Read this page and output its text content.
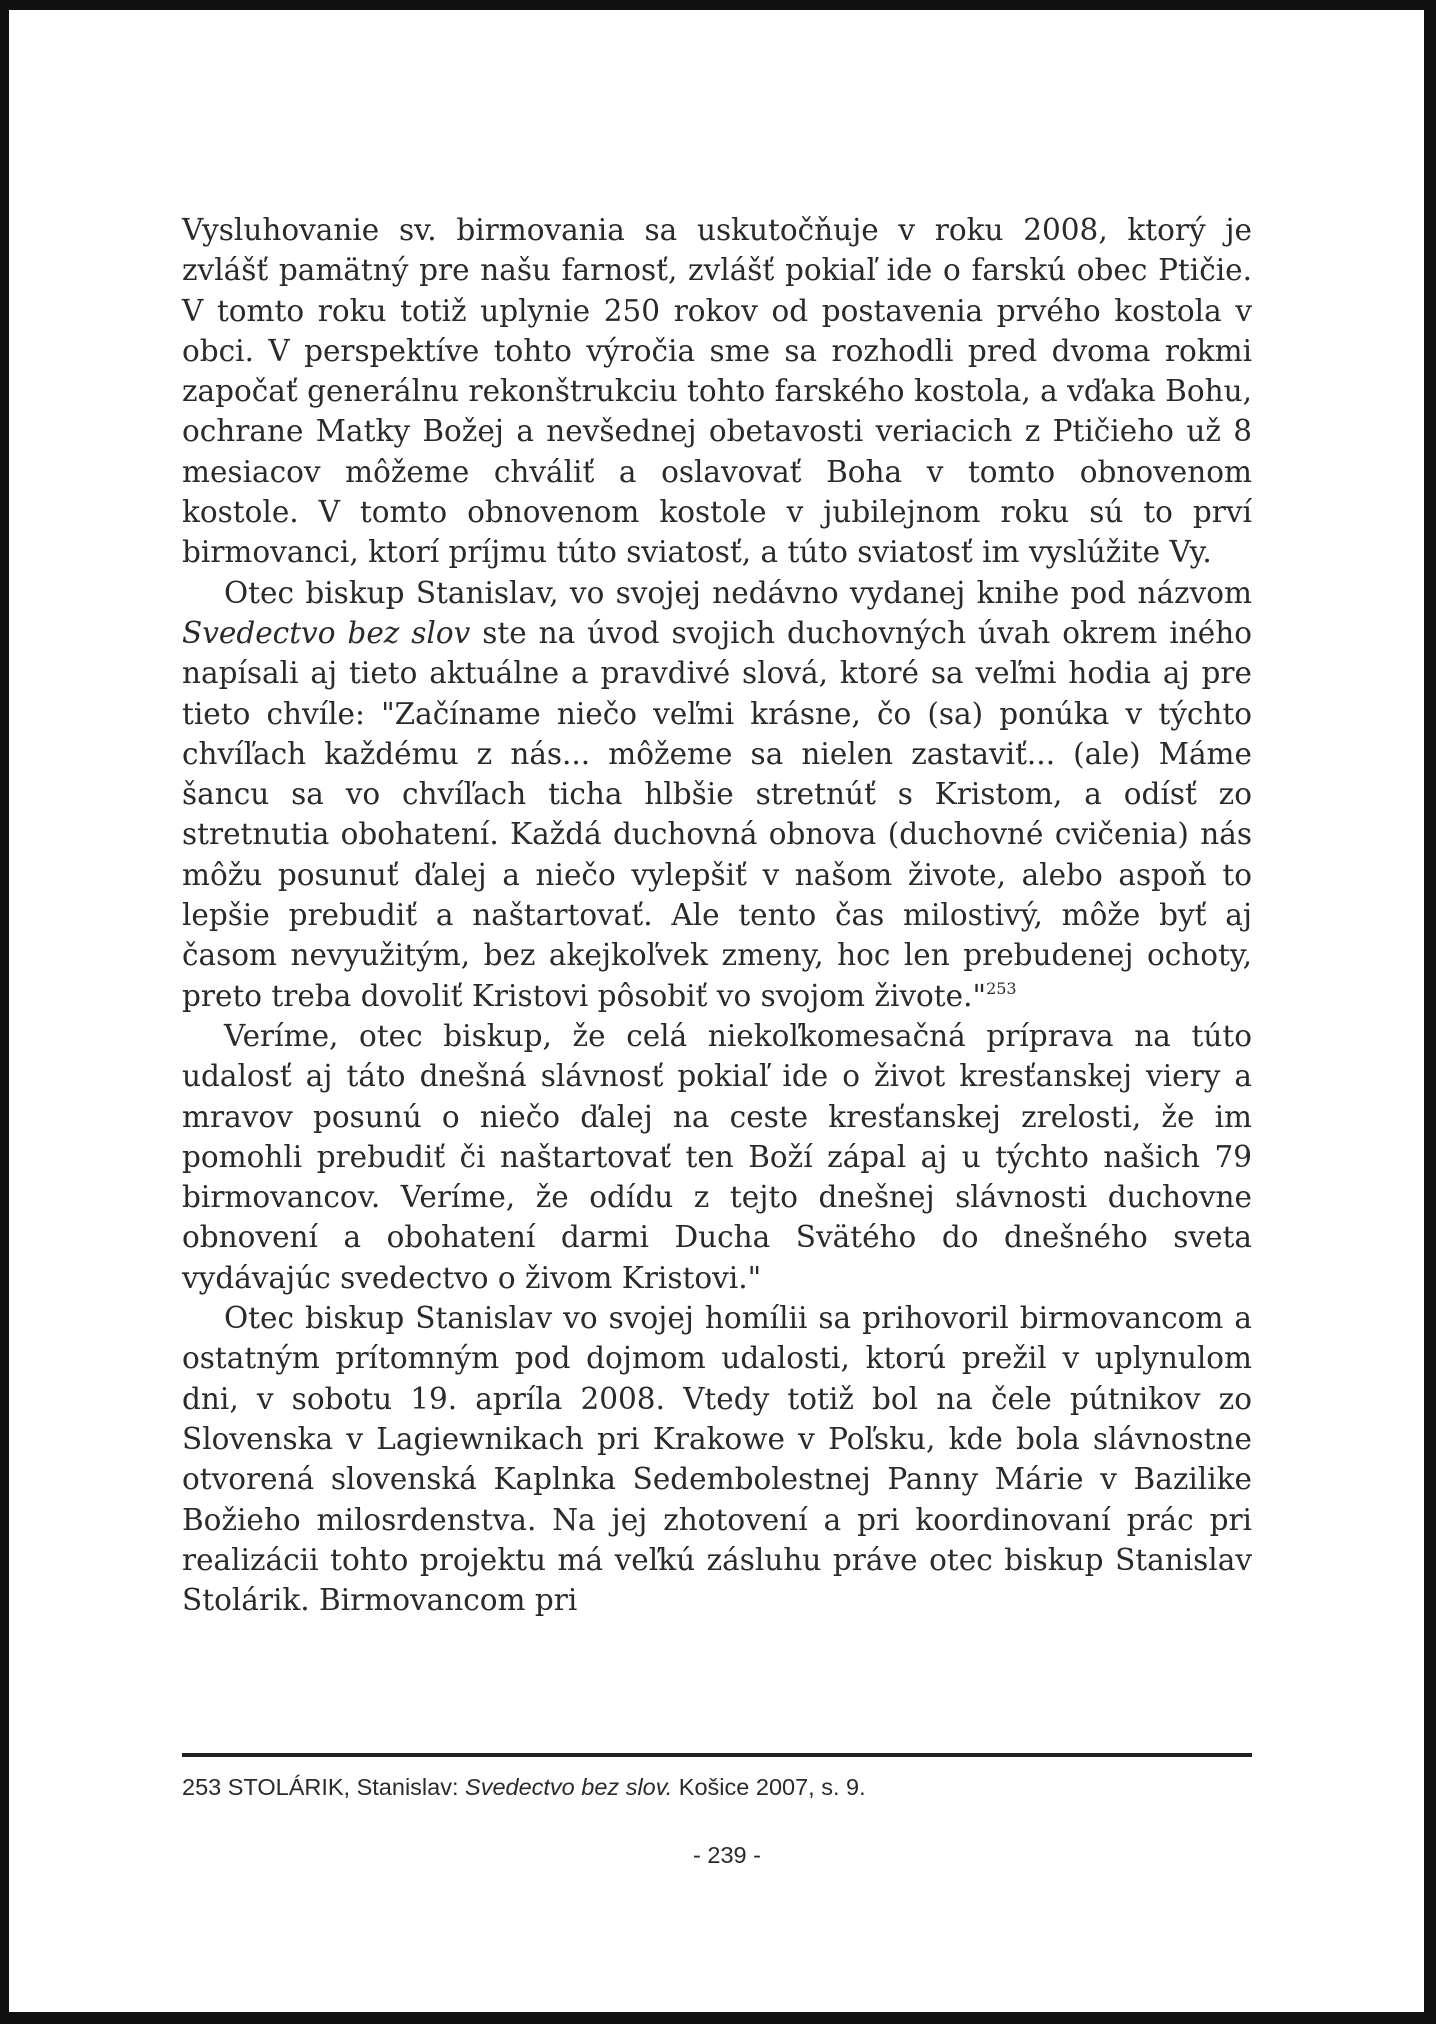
Vysluhovanie sv. birmovania sa uskutočňuje v roku 2008, ktorý je zvlášť pamätný pre našu farnosť, zvlášť pokiaľ ide o farskú obec Ptičie. V tomto roku totiž uplynie 250 rokov od postavenia prvého kostola v obci. V perspektíve tohto výročia sme sa rozhodli pred dvoma rokmi započať generálnu rekonštrukciu tohto farského kostola, a vďaka Bohu, ochrane Matky Božej a nevšednej obetavosti veriacich z Ptičieho už 8 mesiacov môžeme chváliť a oslavovať Boha v tomto obnovenom kostole. V tomto obnovenom kostole v jubilejnom roku sú to prví birmovanci, ktorí príjmu túto sviatosť, a túto sviatosť im vyslúžite Vy.

Otec biskup Stanislav, vo svojej nedávno vydanej knihe pod názvom Svedectvo bez slov ste na úvod svojich duchovných úvah okrem iného napísali aj tieto aktuálne a pravdivé slová, ktoré sa veľmi hodia aj pre tieto chvíle: "Začíname niečo veľmi krásne, čo (sa) ponúka v týchto chvíľach každému z nás... môžeme sa nielen zastaviť... (ale) Máme šancu sa vo chvíľach ticha hlbšie stretnúť s Kristom, a odísť zo stretnutia obohatení. Každá duchovná obnova (duchovné cvičenia) nás môžu posunuť ďalej a niečo vylepšiť v našom živote, alebo aspoň to lepšie prebudiť a naštartovať. Ale tento čas milostivý, môže byť aj časom nevyužitým, bez akejkoľvek zmeny, hoc len prebudenej ochoty, preto treba dovoliť Kristovi pôsobiť vo svojom živote."$^{253}$

Veríme, otec biskup, že celá niekoľkomesačná príprava na túto udalosť aj táto dnešná slávnosť pokiaľ ide o život kresťanskej viery a mravov posunú o niečo ďalej na ceste kresťanskej zrelosti, že im pomohli prebudiť či naštartovať ten Boží zápal aj u týchto našich 79 birmovancov. Veríme, že odídu z tejto dnešnej slávnosti duchovne obnovení a obohatení darmi Ducha Svätého do dnešného sveta vydávajúc svedectvo o živom Kristovi."

Otec biskup Stanislav vo svojej homílii sa prihovoril birmovancom a ostatným prítomným pod dojmom udalosti, ktorú prežil v uplynulom dni, v sobotu 19. apríla 2008. Vtedy totiž bol na čele pútnikov zo Slovenska v Lagiewnikach pri Krakowe v Poľsku, kde bola slávnostne otvorená slovenská Kaplnka Sedembolestnej Panny Márie v Bazilike Božieho milosrdenstva. Na jej zhotovení a pri koordinovaní prác pri realizácii tohto projektu má veľkú zásluhu práve otec biskup Stanislav Stolárik. Birmovancom pri

253 STOLÁRIK, Stanislav: Svedectvo bez slov. Košice 2007, s. 9.
- 239 -
